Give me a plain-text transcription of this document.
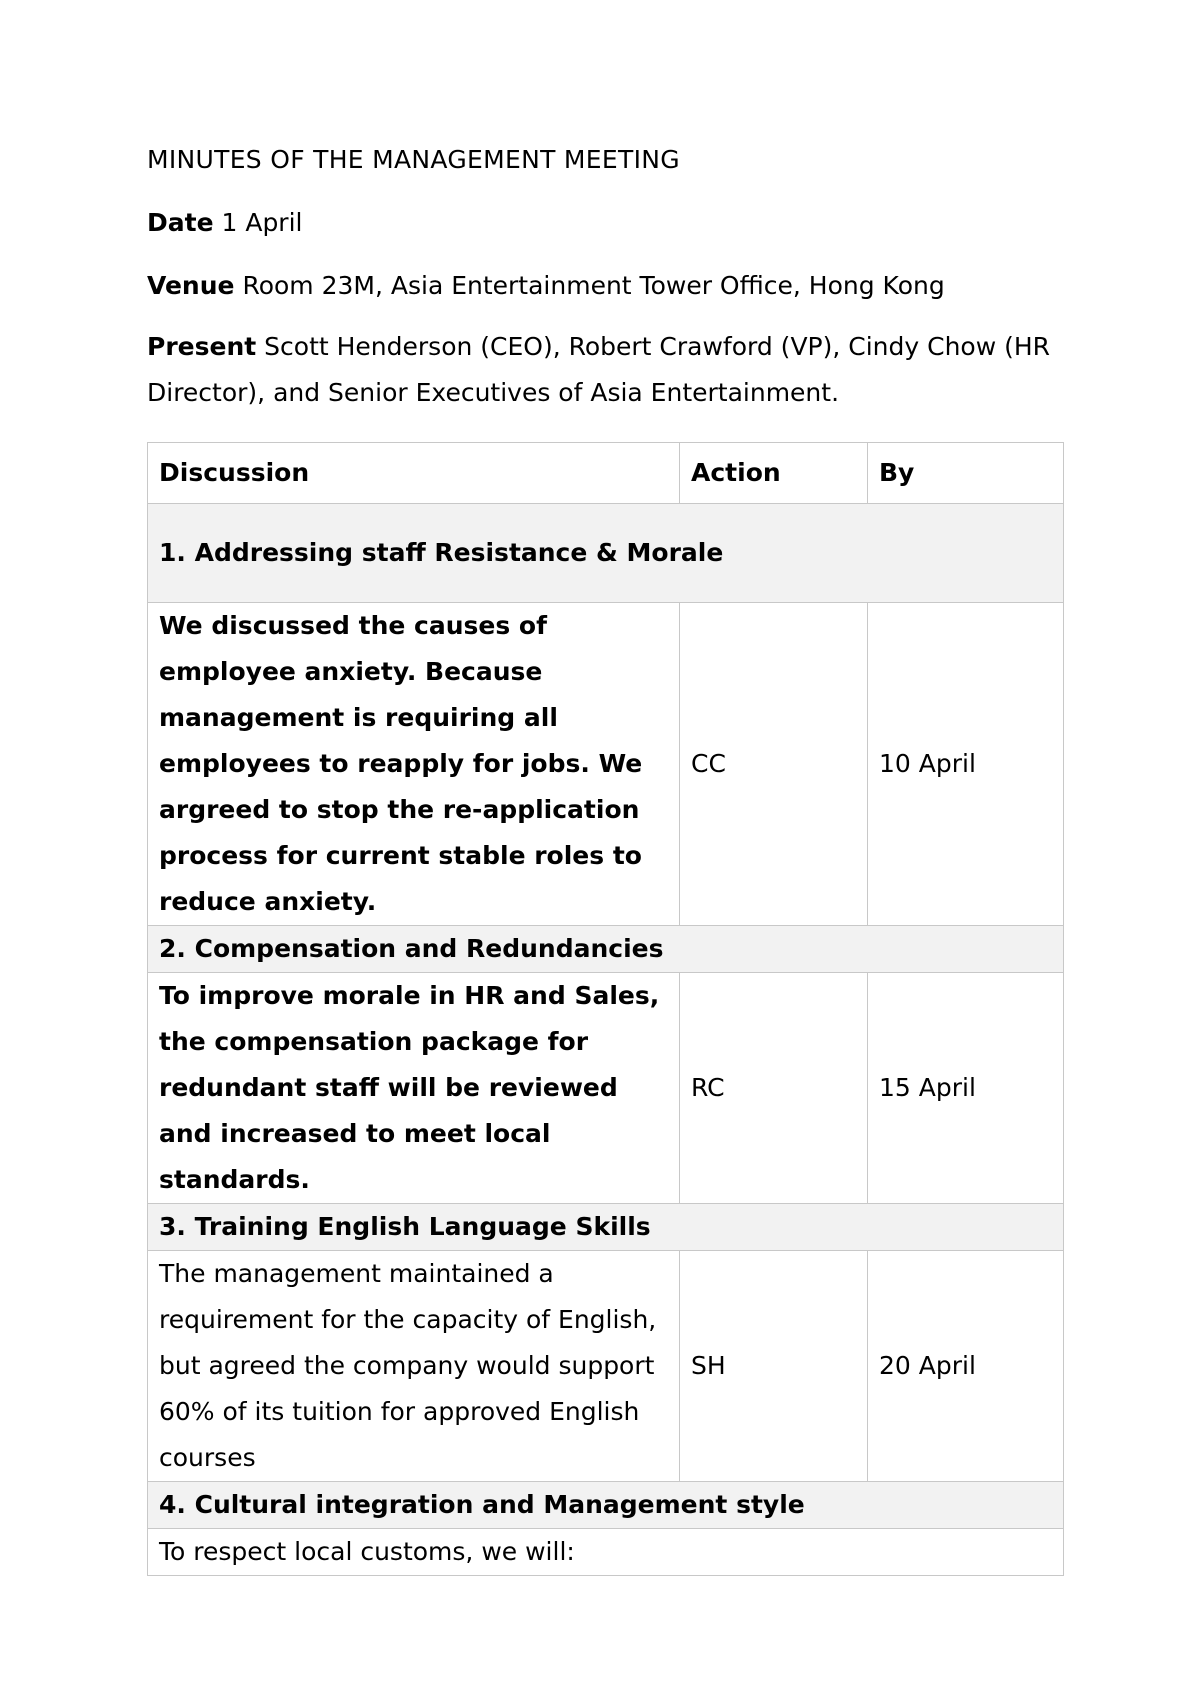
MINUTES OF THE MANAGEMENT MEETING
Date 1 April
Venue Room 23M, Asia Entertainment Tower Office, Hong Kong
Present Scott Henderson (CEO), Robert Crawford (VP), Cindy Chow (HR Director), and Senior Executives of Asia Entertainment.
Discussion	Action	By
1. Addressing staff Resistance & Morale		
We discussed the causes of employee anxiety. Because management is requiring all employees to reapply for jobs. We argreed to stop the re-application process for current stable roles to reduce anxiety.	CC	10 April
2. Compensation and Redundancies		
To improve morale in HR and Sales, the compensation package for redundant staff will be reviewed and increased to meet local standards.	RC	15 April
3. Training English Language Skills		
The management maintained a requirement for the capacity of English, but agreed the company would support 60% of its tuition for approved English courses	SH	20 April
4. Cultural integration and Management style		
To respect local customs, we will:		
